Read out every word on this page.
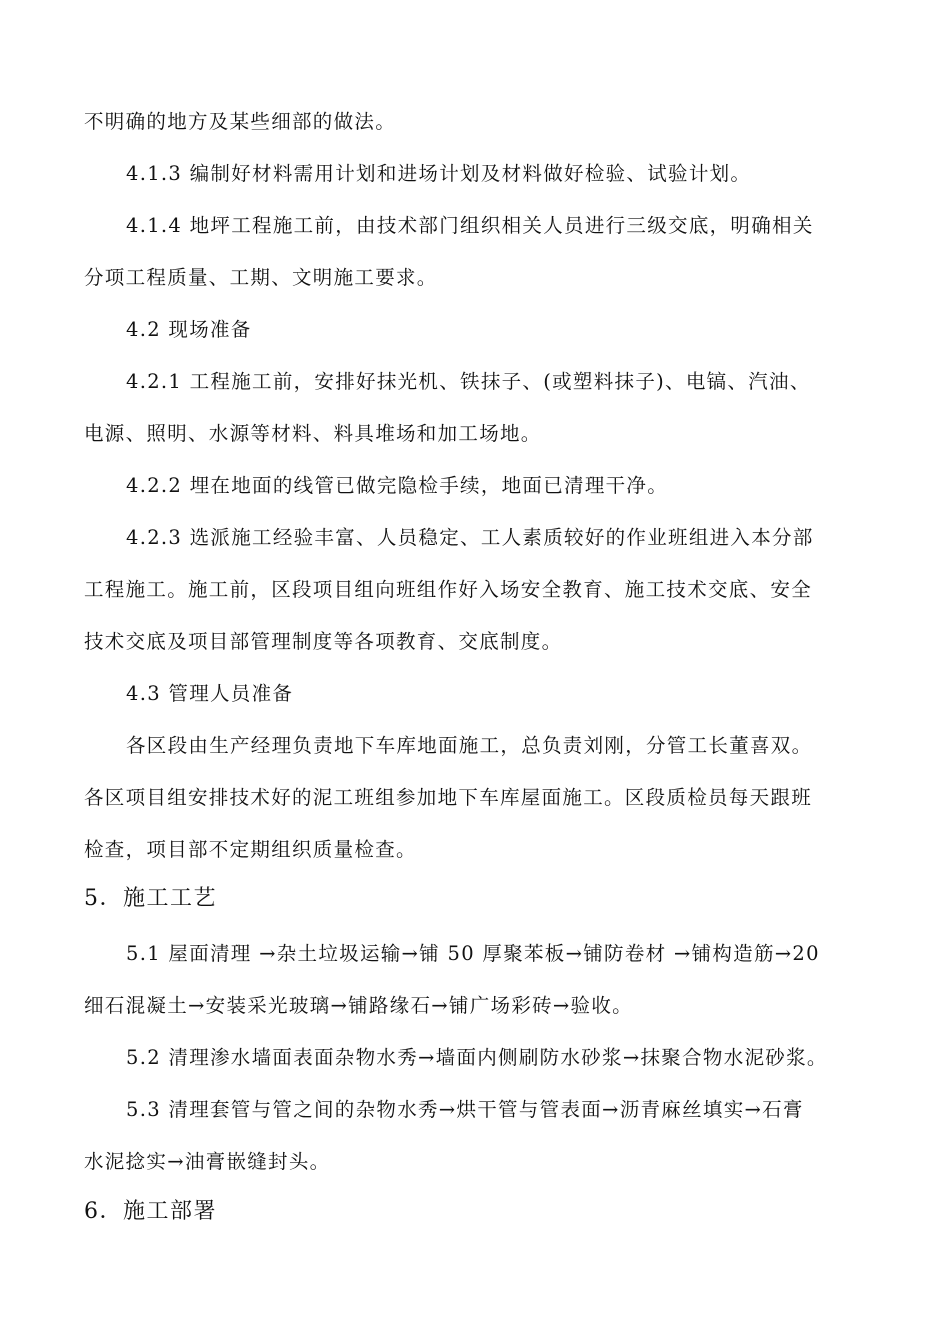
不明确的地方及某些细部的做法。
4.1.3 编制好材料需用计划和进场计划及材料做好检验、试验计划。
4.1.4 地坪工程施工前，由技术部门组织相关人员进行三级交底，明确相关
分项工程质量、工期、文明施工要求。
4.2 现场准备
4.2.1 工程施工前，安排好抹光机、铁抹子、(或塑料抹子)、电镐、汽油、
电源、照明、水源等材料、料具堆场和加工场地。
4.2.2 埋在地面的线管已做完隐检手续，地面已清理干净。
4.2.3 选派施工经验丰富、人员稳定、工人素质较好的作业班组进入本分部
工程施工。施工前，区段项目组向班组作好入场安全教育、施工技术交底、安全
技术交底及项目部管理制度等各项教育、交底制度。
4.3 管理人员准备
各区段由生产经理负责地下车库地面施工，总负责刘刚，分管工长董喜双。
各区项目组安排技术好的泥工班组参加地下车库屋面施工。区段质检员每天跟班
检查，项目部不定期组织质量检查。
5．施工工艺
5.1 屋面清理 →杂土垃圾运输→铺 50 厚聚苯板→铺防卷材 →铺构造筋→20
细石混凝土→安装采光玻璃→铺路缘石→铺广场彩砖→验收。
5.2 清理渗水墙面表面杂物水秀→墙面内侧刷防水砂浆→抹聚合物水泥砂浆。
5.3 清理套管与管之间的杂物水秀→烘干管与管表面→沥青麻丝填实→石膏
水泥捻实→油膏嵌缝封头。
6．施工部署
